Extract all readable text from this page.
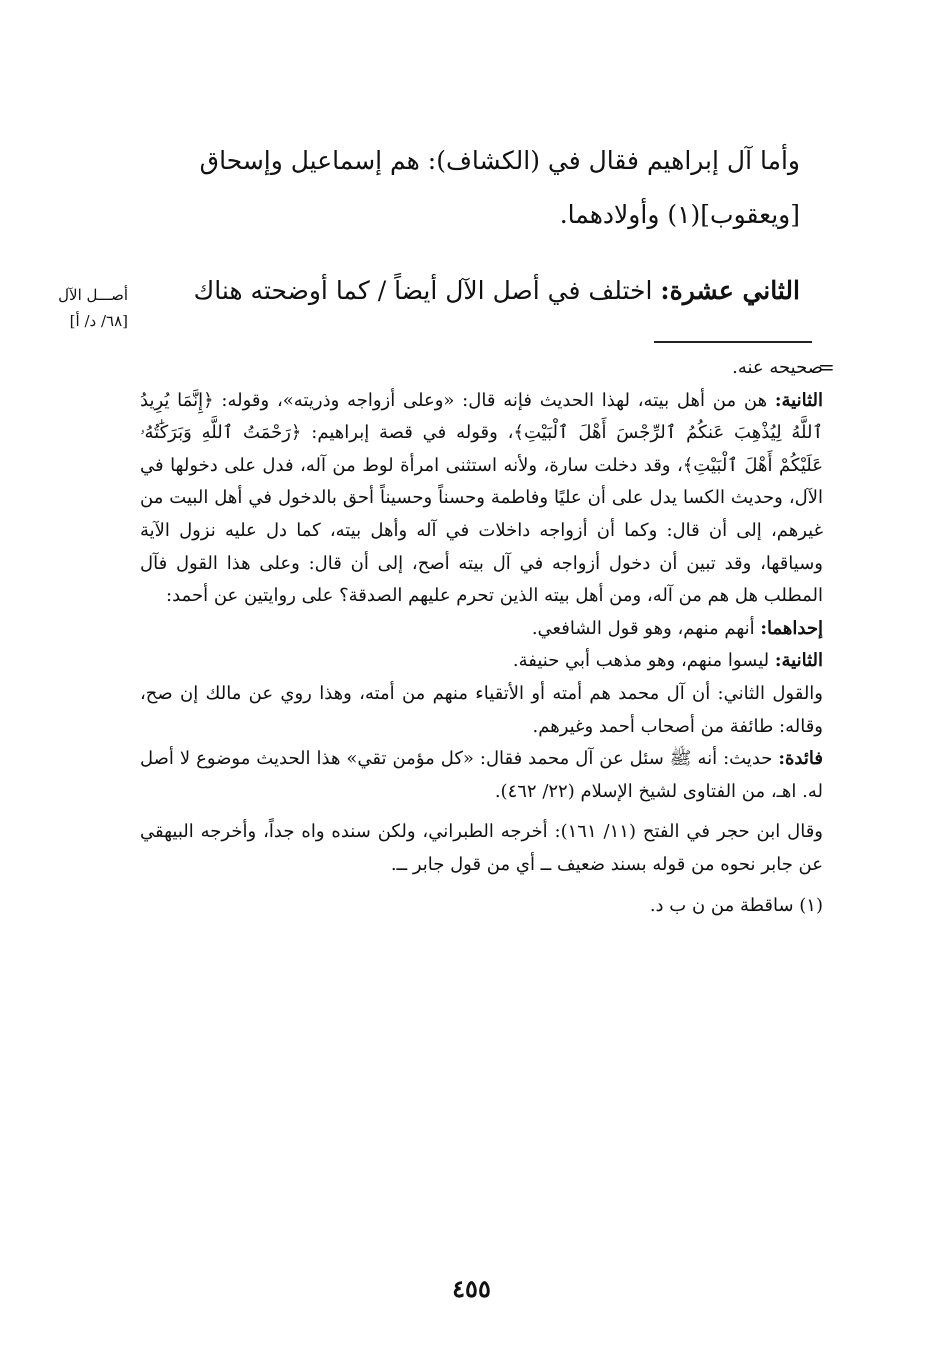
وأما آل إبراهيم فقال في (الكشاف): هم إسماعيل وإسحاق
[ويعقوب](١) وأولادهما.
الثاني عشرة: اختلف في أصل الآل أيضاً / كما أوضحته هناك
أصـــل الآل
[٦٨/ د/ أ]
=

صحيحه عنه.

الثانية: هن من أهل بيته، لهذا الحديث فإنه قال: «وعلى أزواجه وذريته»، وقوله: ﴿إِنَّمَا يُرِيدُ ٱللَّهُ لِيُذْهِبَ عَنكُمُ ٱلرِّجْسَ أَهْلَ ٱلْبَيْتِ﴾، وقوله في قصة إبراهيم: ﴿رَحْمَتُ ٱللَّهِ وَبَرَكَٰتُهُۥ عَلَيْكُمْ أَهْلَ ٱلْبَيْتِ﴾، وقد دخلت سارة، ولأنه استثنى امرأة لوط من آله، فدل على دخولها في الآل، وحديث الكسا يدل على أن عليًا وفاطمة وحسناً وحسيناً أحق بالدخول في أهل البيت من غيرهم، إلى أن قال: وكما أن أزواجه داخلات في آله وأهل بيته، كما دل عليه نزول الآية وسياقها، وقد تبين أن دخول أزواجه في آل بيته أصح، إلى أن قال: وعلى هذا القول فآل المطلب هل هم من آله، ومن أهل بيته الذين تحرم عليهم الصدقة؟ على روايتين عن أحمد:

إحداهما: أنهم منهم، وهو قول الشافعي.

الثانية: ليسوا منهم، وهو مذهب أبي حنيفة.

والقول الثاني: أن آل محمد هم أمته أو الأتقياء منهم من أمته، وهذا روي عن مالك إن صح، وقاله: طائفة من أصحاب أحمد وغيرهم.

فائدة: حديث: أنه ﷺ سئل عن آل محمد فقال: «كل مؤمن تقي» هذا الحديث موضوع لا أصل له. اهـ، من الفتاوى لشيخ الإسلام (٢٢/ ٤٦٢).

وقال ابن حجر في الفتح (١١/ ١٦١): أخرجه الطبراني، ولكن سنده واه جداً، وأخرجه البيهقي عن جابر نحوه من قوله بسند ضعيف ــ أي من قول جابر ــ.

(١) ساقطة من ن ب د.

٤٥٥
